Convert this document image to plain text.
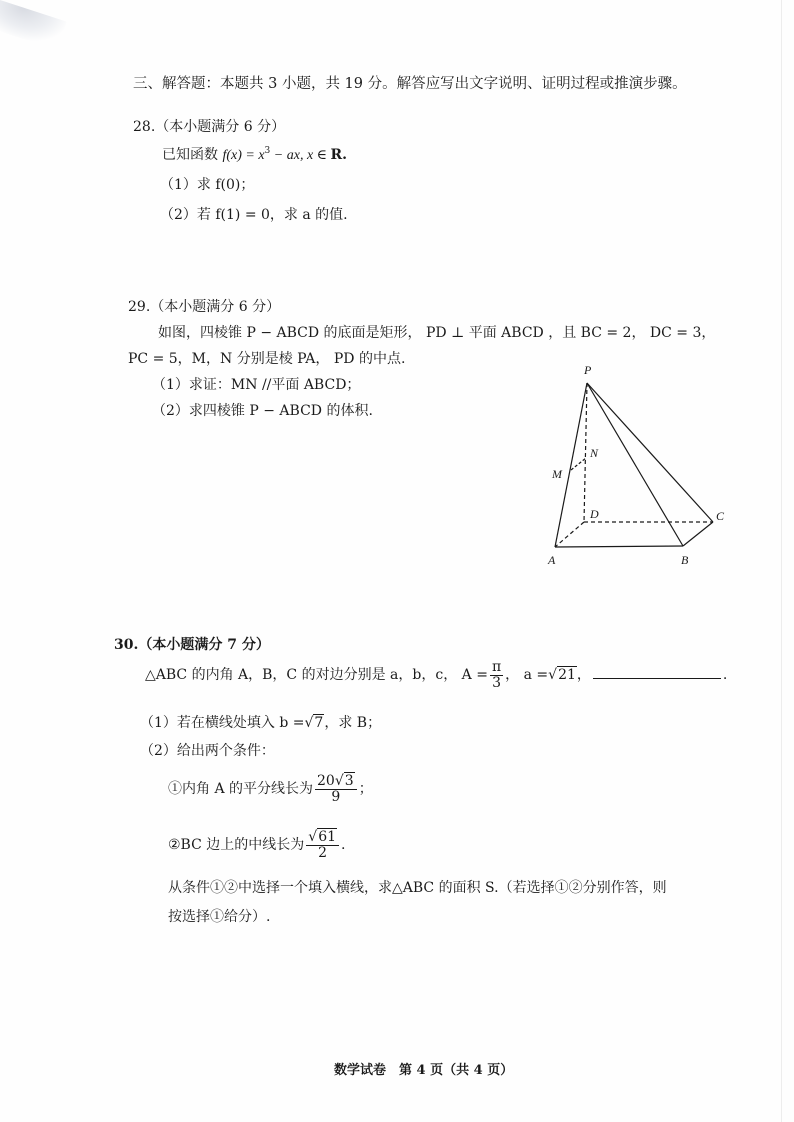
三、解答题：本题共 3 小题，共 19 分。解答应写出文字说明、证明过程或推演步骤。
28.（本小题满分 6 分）
已知函数 $f(x) = x^3$ − ax, x ∈ R.
（1）求 f(0)；
（2）若 f(1) = 0，求 a 的值.
29.（本小题满分 6 分）
如图，四棱锥 P − ABCD 的底面是矩形， PD ⊥ 平面 ABCD ，且 BC = 2， DC = 3，
PC = 5，M，N 分别是棱 PA， PD 的中点.
（1）求证：MN //平面 ABCD；
（2）求四棱锥 P − ABCD 的体积.
P
N
M
D	C
A	B
30.（本小题满分 7 分）
△ABC 的内角 A，B，C 的对边分别是 a，b，c， $A = \frac{\pi}{3}$ ， a =√21，	.
（1）若在横线处填入 b =√7，求 B；
（2）给出两个条件：
①内角 A 的平分线长为 $\frac{20√3}{9}$ ；
②BC 边上的中线长为 $\frac{√61}{2}$ .
从条件①②中选择一个填入横线，求△ABC 的面积 S.（若选择①②分别作答，则
按选择①给分）.
数学试卷　第 4 页（共 4 页）
